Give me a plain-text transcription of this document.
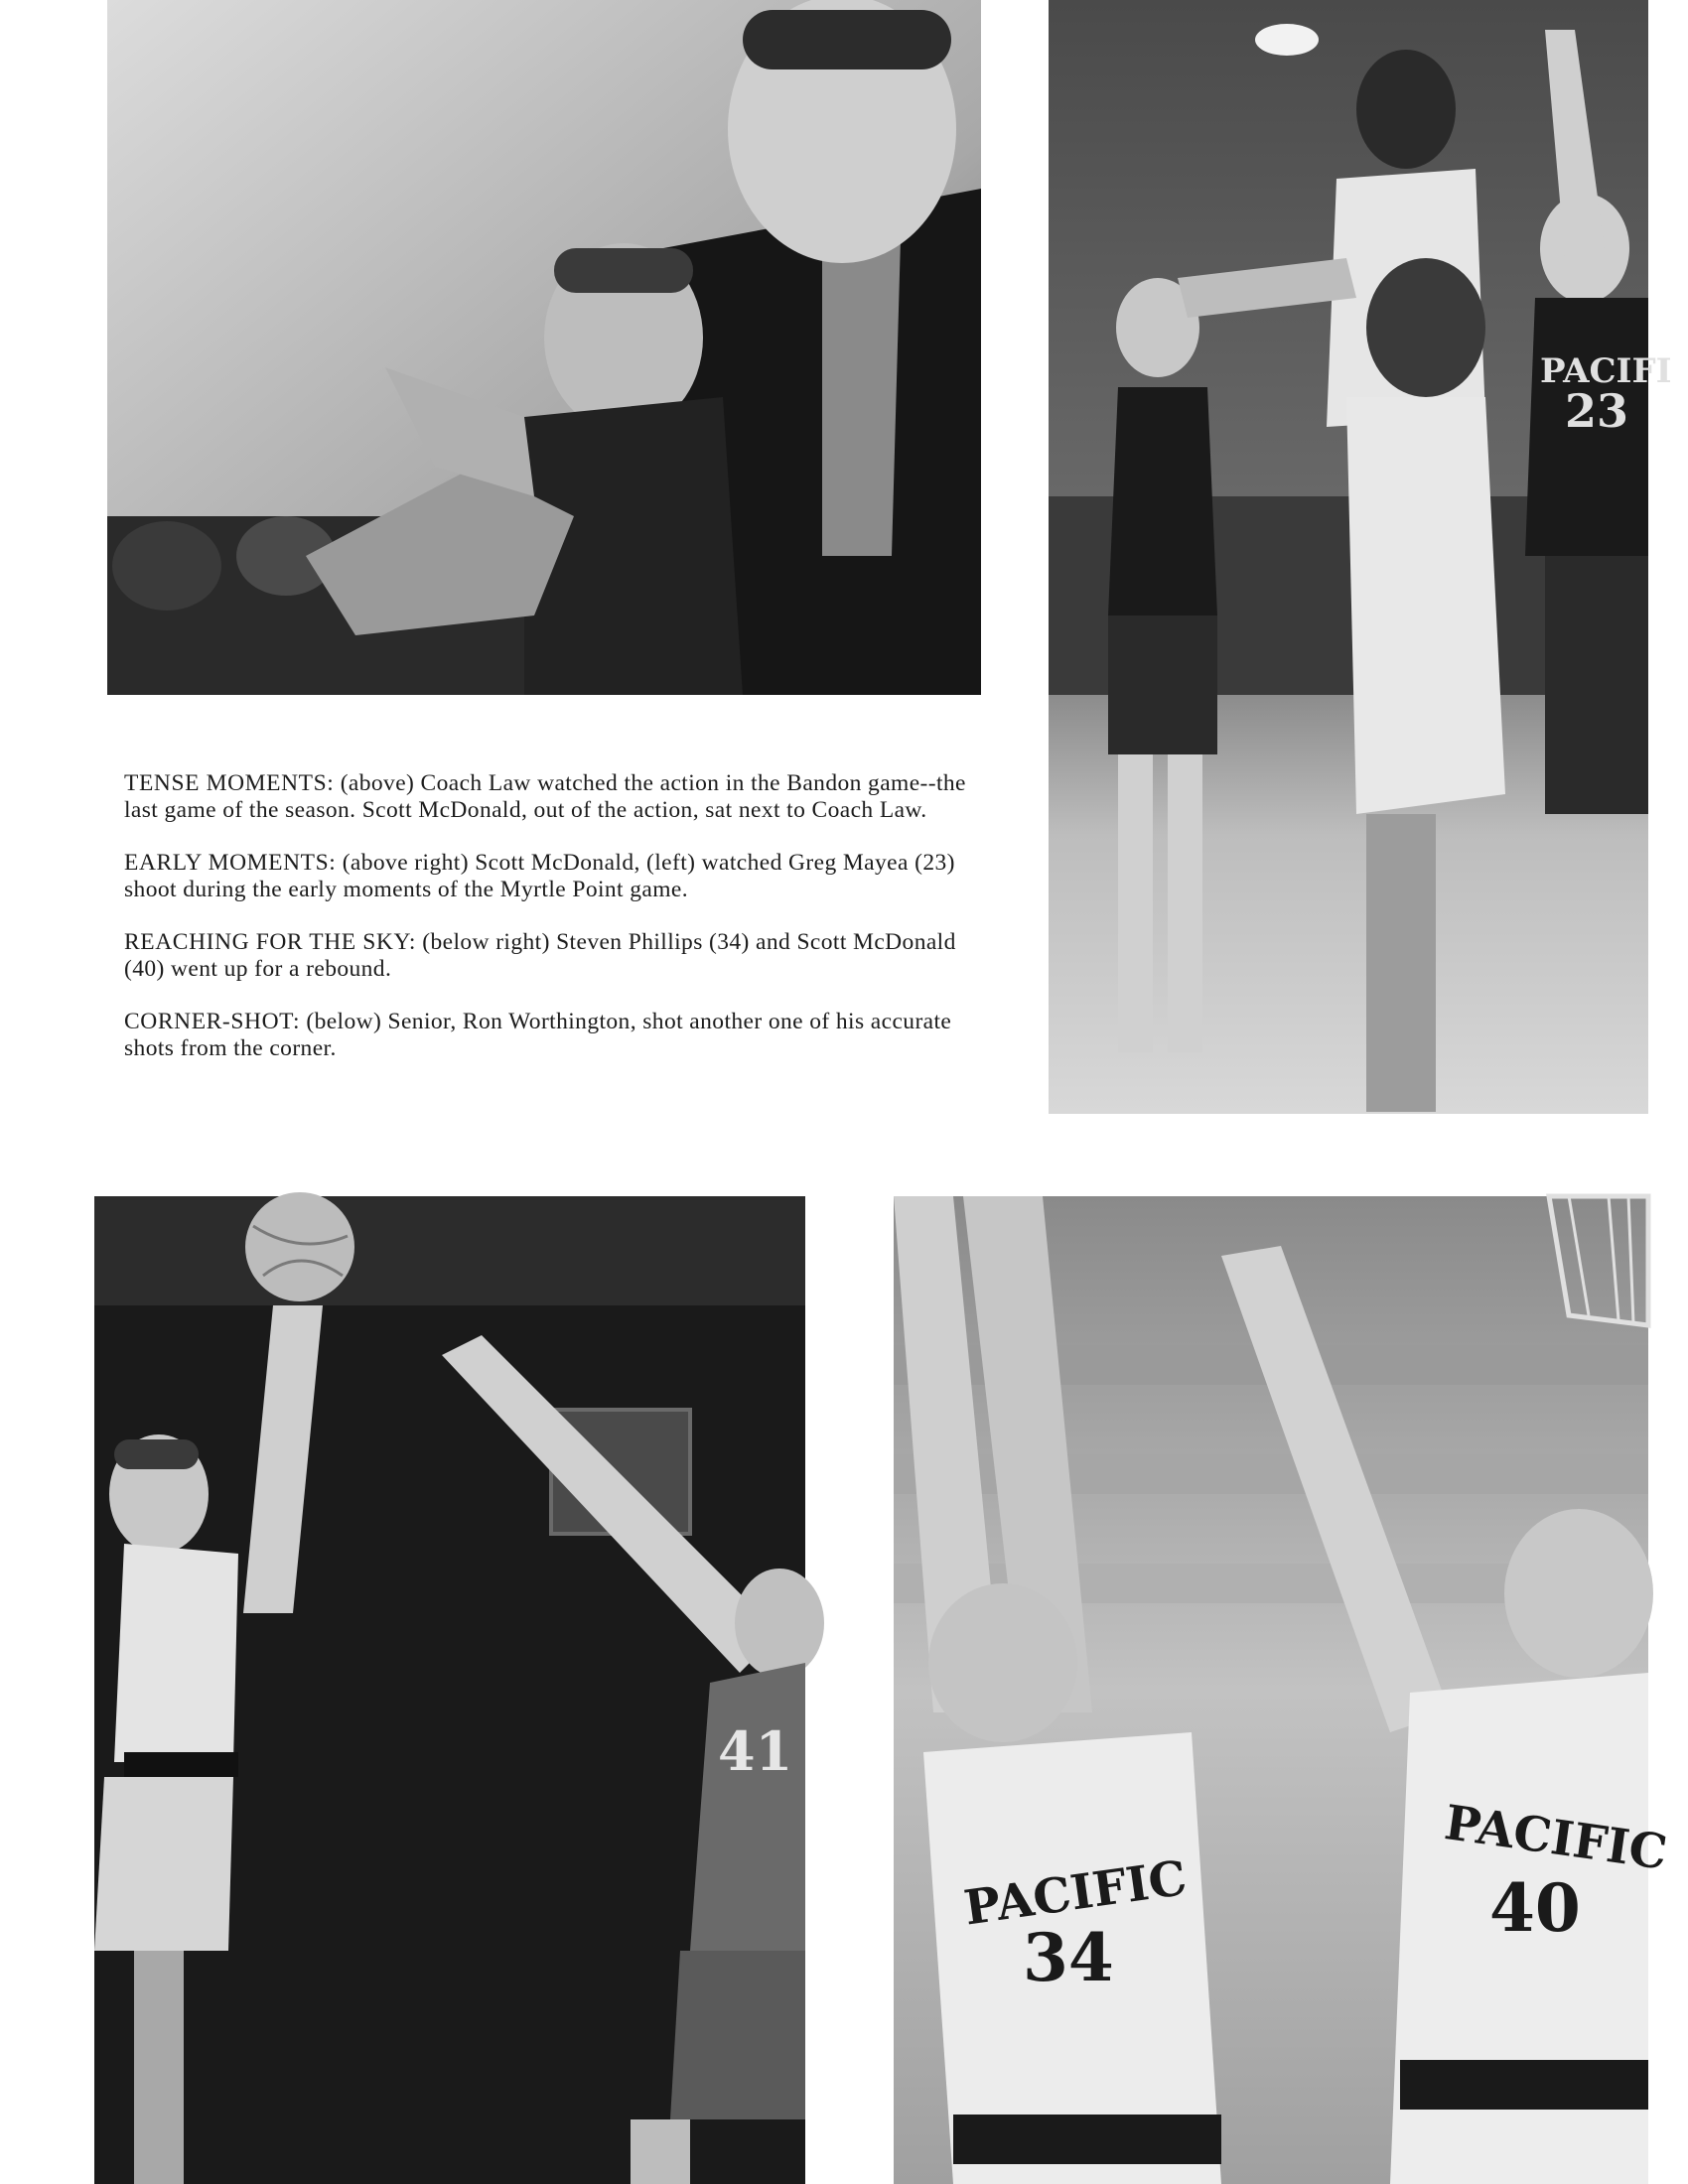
PACIFI
23

TENSE MOMENTS: (above) Coach Law watched the action in the Bandon game--the last game of the season. Scott McDonald, out of the action, sat next to Coach Law.

EARLY MOMENTS: (above right) Scott McDonald, (left) watched Greg Mayea (23) shoot during the early moments of the Myrtle Point game.

REACHING FOR THE SKY: (below right) Steven Phillips (34) and Scott McDonald (40) went up for a rebound.

CORNER-SHOT: (below) Senior, Ron Worthington, shot another one of his accurate shots from the corner.

41
PACIFIC
34
PACIFIC
40
